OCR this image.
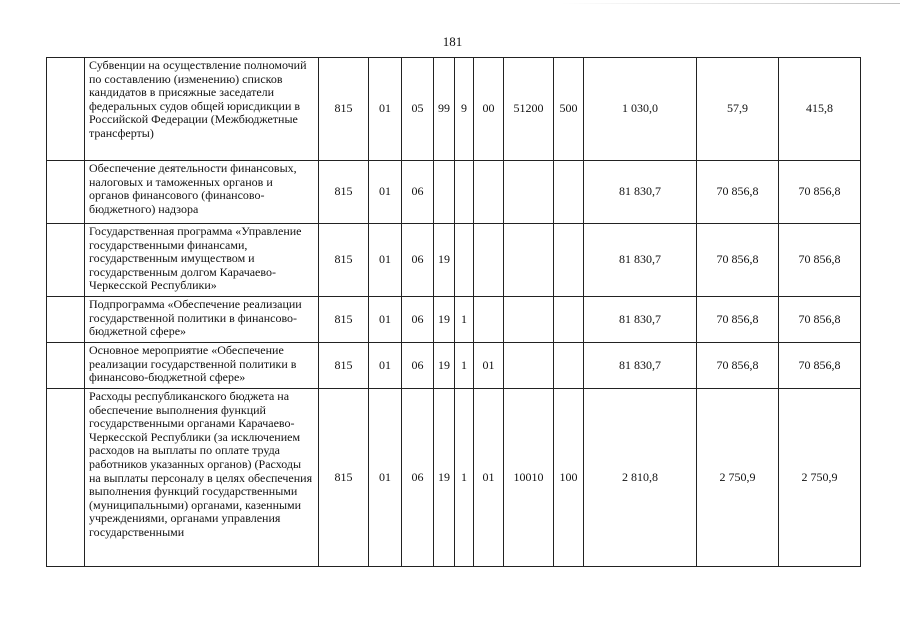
181
	Субвенции на осуществление полномочий по составлению (изменению) списков кандидатов в присяжные заседатели федеральных судов общей юрисдикции в Российской Федерации (Межбюджетные трансферты)	815	01	05	99	9	00	51200	500	1 030,0	57,9	415,8
	Обеспечение деятельности финансовых, налоговых и таможенных органов и органов финансового (финансово-бюджетного) надзора	815	01	06						81 830,7	70 856,8	70 856,8
	Государственная программа «Управление государственными финансами, государственным имуществом и государственным долгом Карачаево-Черкесской Республики»	815	01	06	19					81 830,7	70 856,8	70 856,8
	Подпрограмма «Обеспечение реализации государственной политики в финансово-бюджетной сфере»	815	01	06	19	1				81 830,7	70 856,8	70 856,8
	Основное мероприятие «Обеспечение реализации государственной политики в финансово-бюджетной сфере»	815	01	06	19	1	01			81 830,7	70 856,8	70 856,8
	Расходы республиканского бюджета на обеспечение выполнения функций государственными органами Карачаево-Черкесской Республики (за исключением расходов на выплаты по оплате труда работников указанных органов) (Расходы на выплаты персоналу в целях обеспечения выполнения функций государственными (муниципальными) органами, казенными учреждениями, органами управления государственными	815	01	06	19	1	01	10010	100	2 810,8	2 750,9	2 750,9
